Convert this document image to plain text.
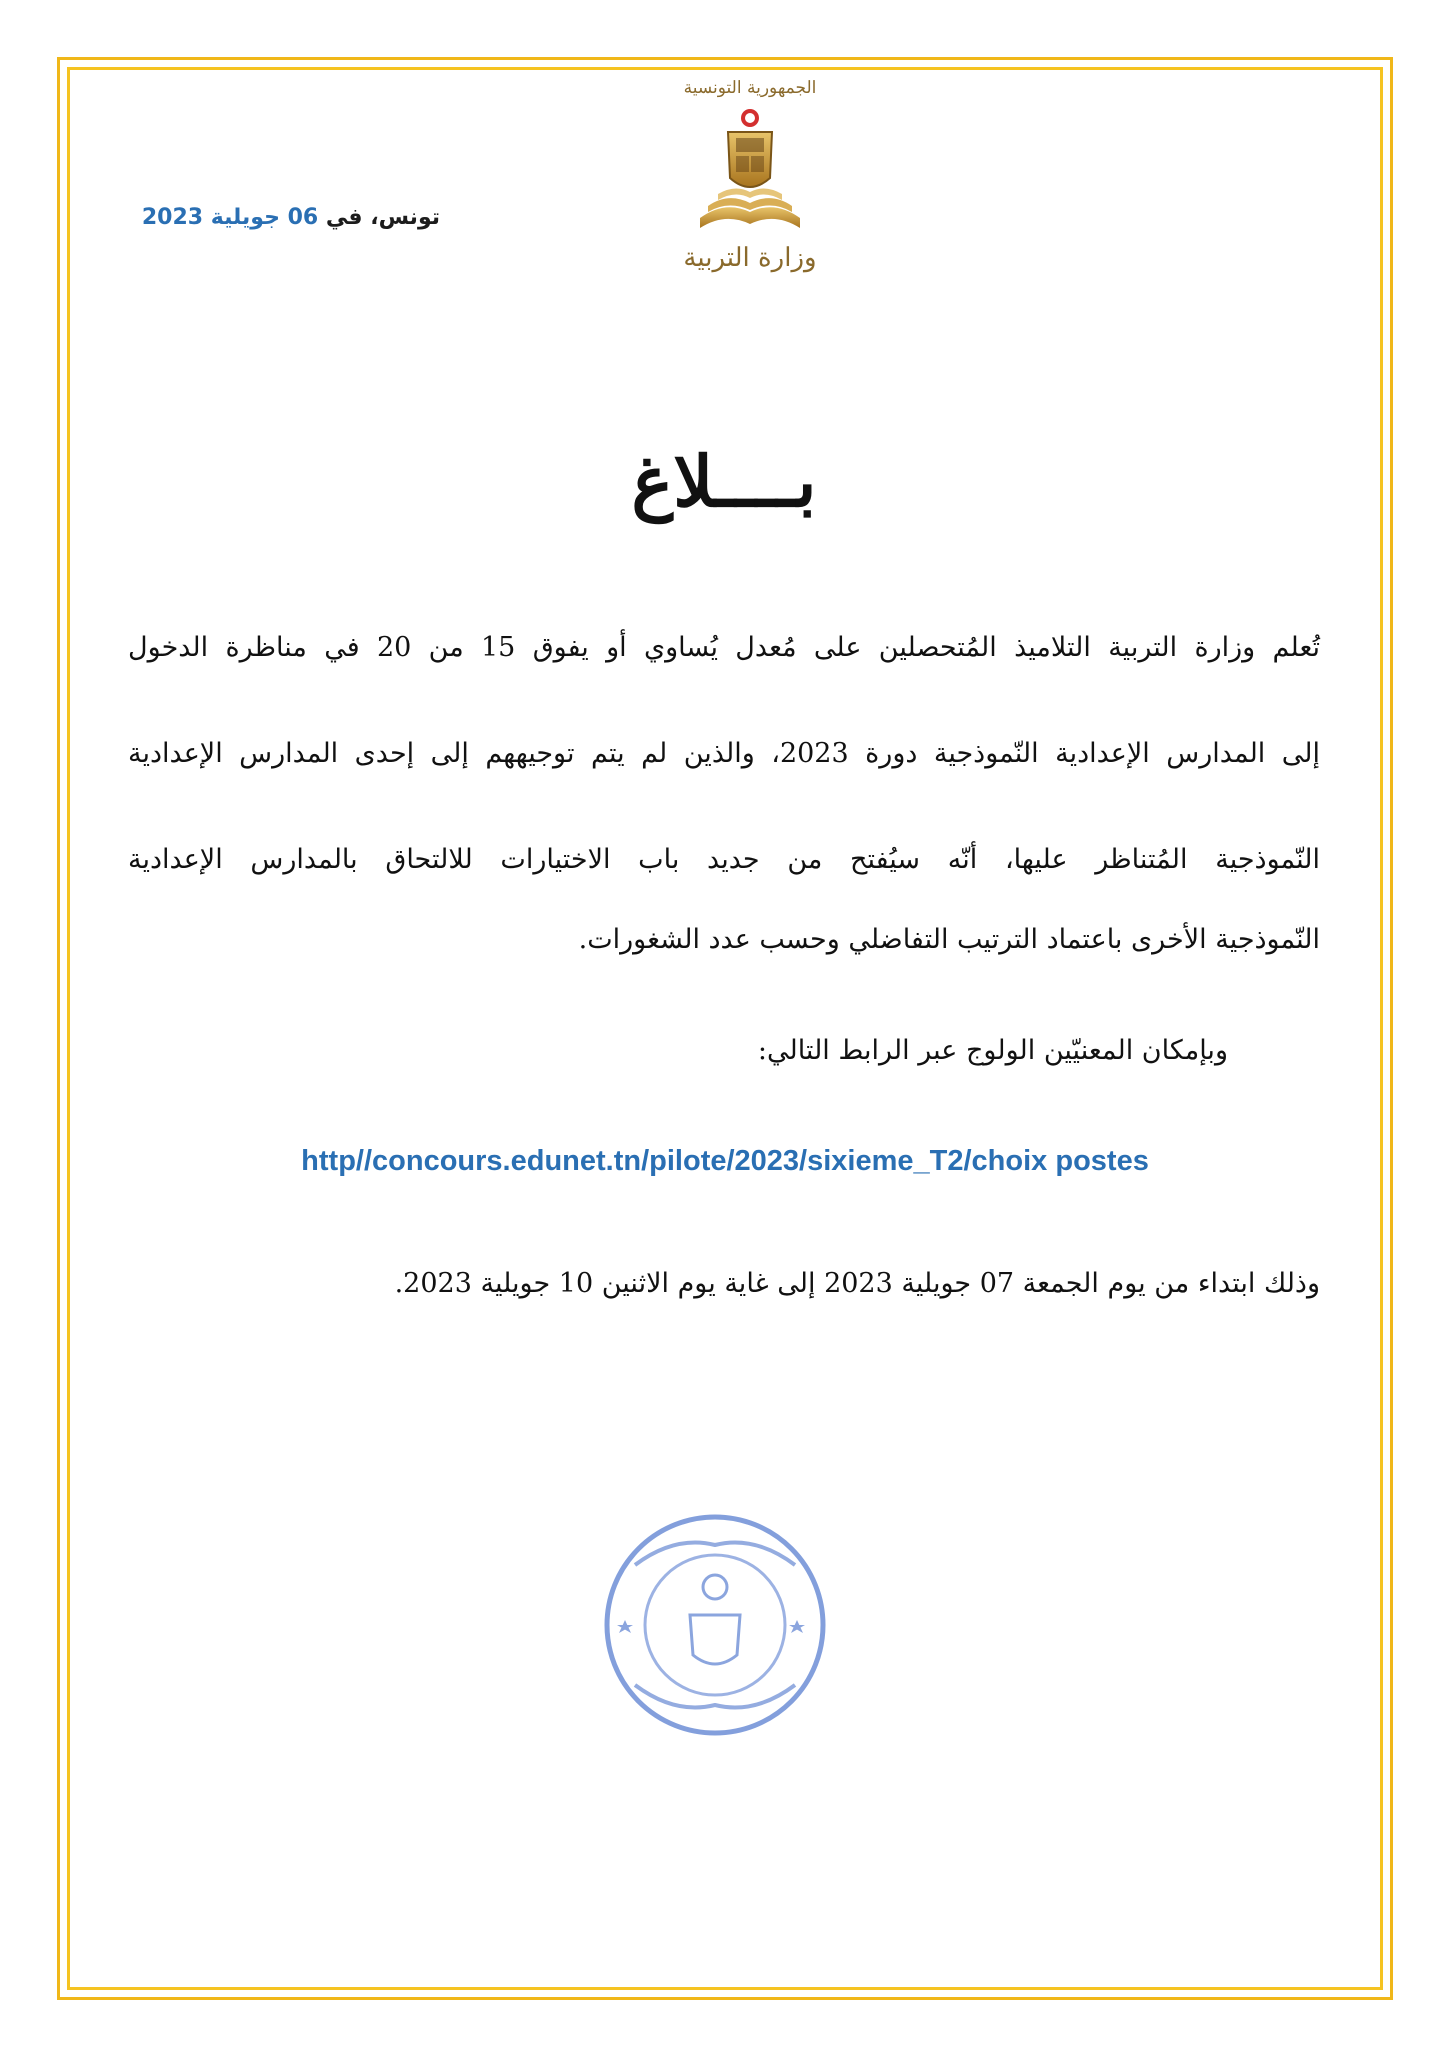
الجمهورية التونسية
وزارة التربية
تونس، في 06 جويلية 2023
بــــلاغ
تُعلم وزارة التربية التلاميذ المُتحصلين على مُعدل يُساوي أو يفوق 15 من 20 في مناظرة الدخول
إلى المدارس الإعدادية النّموذجية دورة 2023، والذين لم يتم توجيههم إلى إحدى المدارس الإعدادية
النّموذجية المُتناظر عليها، أنّه سيُفتح من جديد باب الاختيارات للالتحاق بالمدارس الإعدادية
النّموذجية الأخرى باعتماد الترتيب التفاضلي وحسب عدد الشغورات.
وبإمكان المعنيّين الولوج عبر الرابط التالي:
http//concours.edunet.tn/pilote/2023/sixieme_T2/choix postes
وذلك ابتداء من يوم الجمعة 07 جويلية 2023 إلى غاية يوم الاثنين 10 جويلية 2023.
